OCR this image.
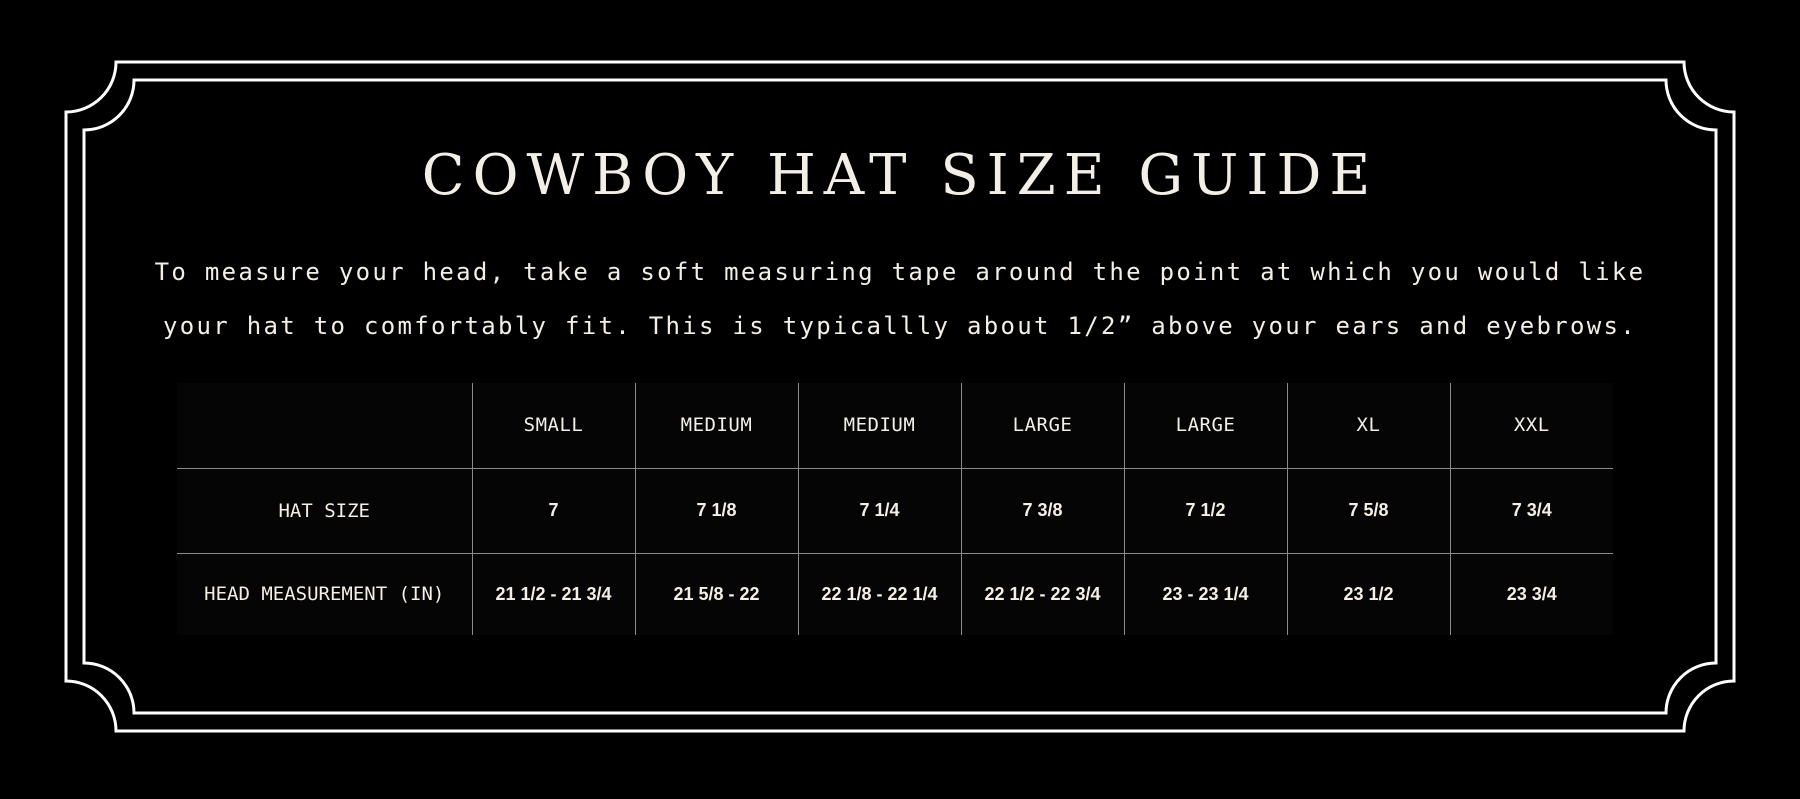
COWBOY HAT SIZE GUIDE
To measure your head, take a soft measuring tape around the point at which you would like
your hat to comfortably fit. This is typicallly about 1/2” above your ears and eyebrows.
	SMALL	MEDIUM	MEDIUM	LARGE	LARGE	XL	XXL
HAT SIZE	7	7 1/8	7 1/4	7 3/8	7 1/2	7 5/8	7 3/4
HEAD MEASUREMENT (IN)	21 1/2 - 21 3/4	21 5/8 - 22	22 1/8 - 22 1/4	22 1/2 - 22 3/4	23 - 23 1/4	23 1/2	23 3/4
